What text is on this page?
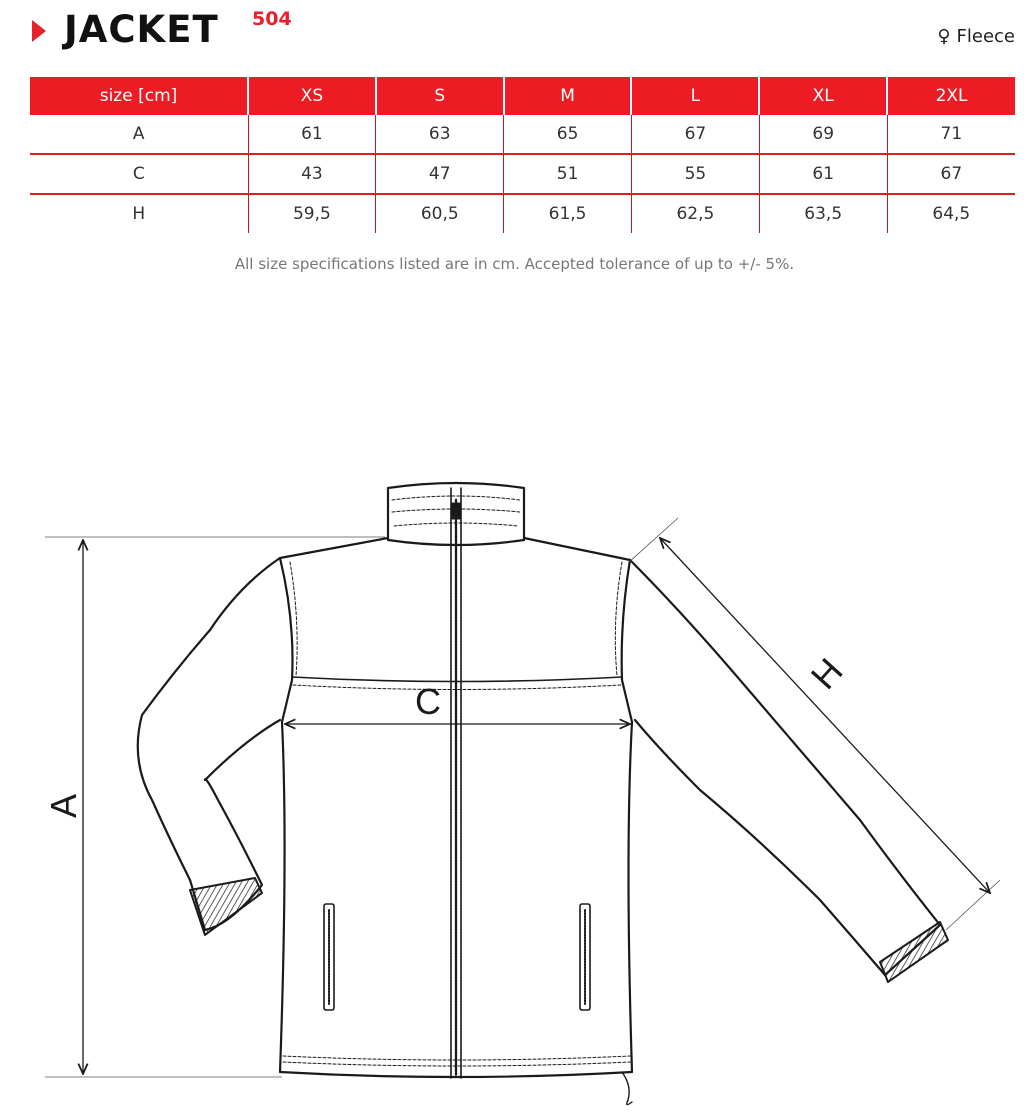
JACKET 504
♀ Fleece
size [cm]	XS	S	M	L	XL	2XL
A	61	63	65	67	69	71
C	43	47	51	55	61	67
H	59,5	60,5	61,5	62,5	63,5	64,5
All size specifications listed are in cm. Accepted tolerance of up to +/- 5%.
A
C
H
